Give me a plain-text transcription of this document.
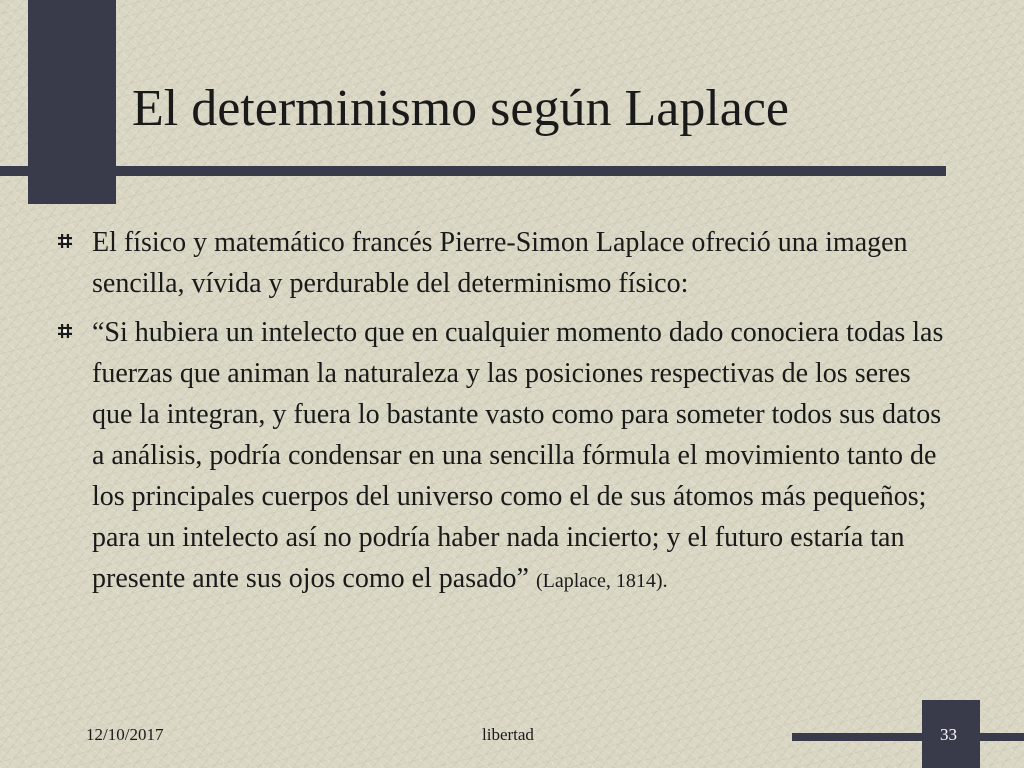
El determinismo según Laplace

El físico y matemático francés Pierre-Simon Laplace ofreció una imagen sencilla, vívida y perdurable del determinismo físico:

“Si hubiera un intelecto que en cualquier momento dado conociera todas las fuerzas que animan la naturaleza y las posiciones respectivas de los seres que la integran, y fuera lo bastante vasto como para someter todos sus datos a análisis, podría condensar en una sencilla fórmula el movimiento tanto de los principales cuerpos del universo como el de sus átomos más pequeños; para un intelecto así no podría haber nada incierto; y el futuro estaría tan presente ante sus ojos como el pasado” (Laplace, 1814).

12/10/2017	libertad	33
